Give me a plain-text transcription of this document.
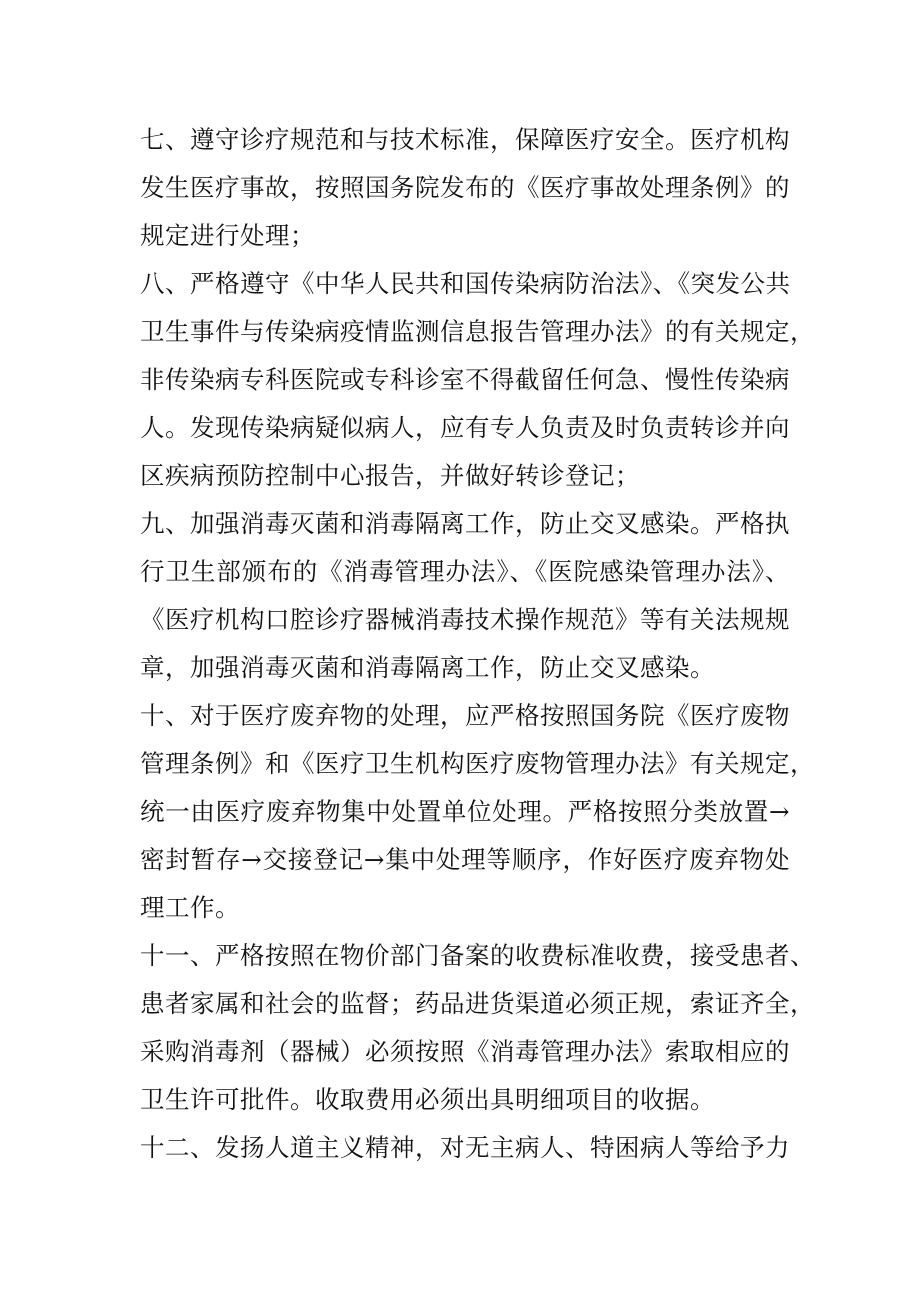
七、遵守诊疗规范和与技术标准，保障医疗安全。医疗机构
发生医疗事故，按照国务院发布的《医疗事故处理条例》的
规定进行处理；
八、严格遵守《中华人民共和国传染病防治法》、《突发公共
卫生事件与传染病疫情监测信息报告管理办法》的有关规定，
非传染病专科医院或专科诊室不得截留任何急、慢性传染病
人。发现传染病疑似病人，应有专人负责及时负责转诊并向
区疾病预防控制中心报告，并做好转诊登记；
九、加强消毒灭菌和消毒隔离工作，防止交叉感染。严格执
行卫生部颁布的《消毒管理办法》、《医院感染管理办法》、
《医疗机构口腔诊疗器械消毒技术操作规范》等有关法规规
章，加强消毒灭菌和消毒隔离工作，防止交叉感染。
十、对于医疗废弃物的处理，应严格按照国务院《医疗废物
管理条例》和《医疗卫生机构医疗废物管理办法》有关规定，
统一由医疗废弃物集中处置单位处理。严格按照分类放置→
密封暂存→交接登记→集中处理等顺序，作好医疗废弃物处
理工作。
十一、严格按照在物价部门备案的收费标准收费，接受患者、
患者家属和社会的监督；药品进货渠道必须正规，索证齐全，
采购消毒剂（器械）必须按照《消毒管理办法》索取相应的
卫生许可批件。收取费用必须出具明细项目的收据。
十二、发扬人道主义精神，对无主病人、特困病人等给予力
